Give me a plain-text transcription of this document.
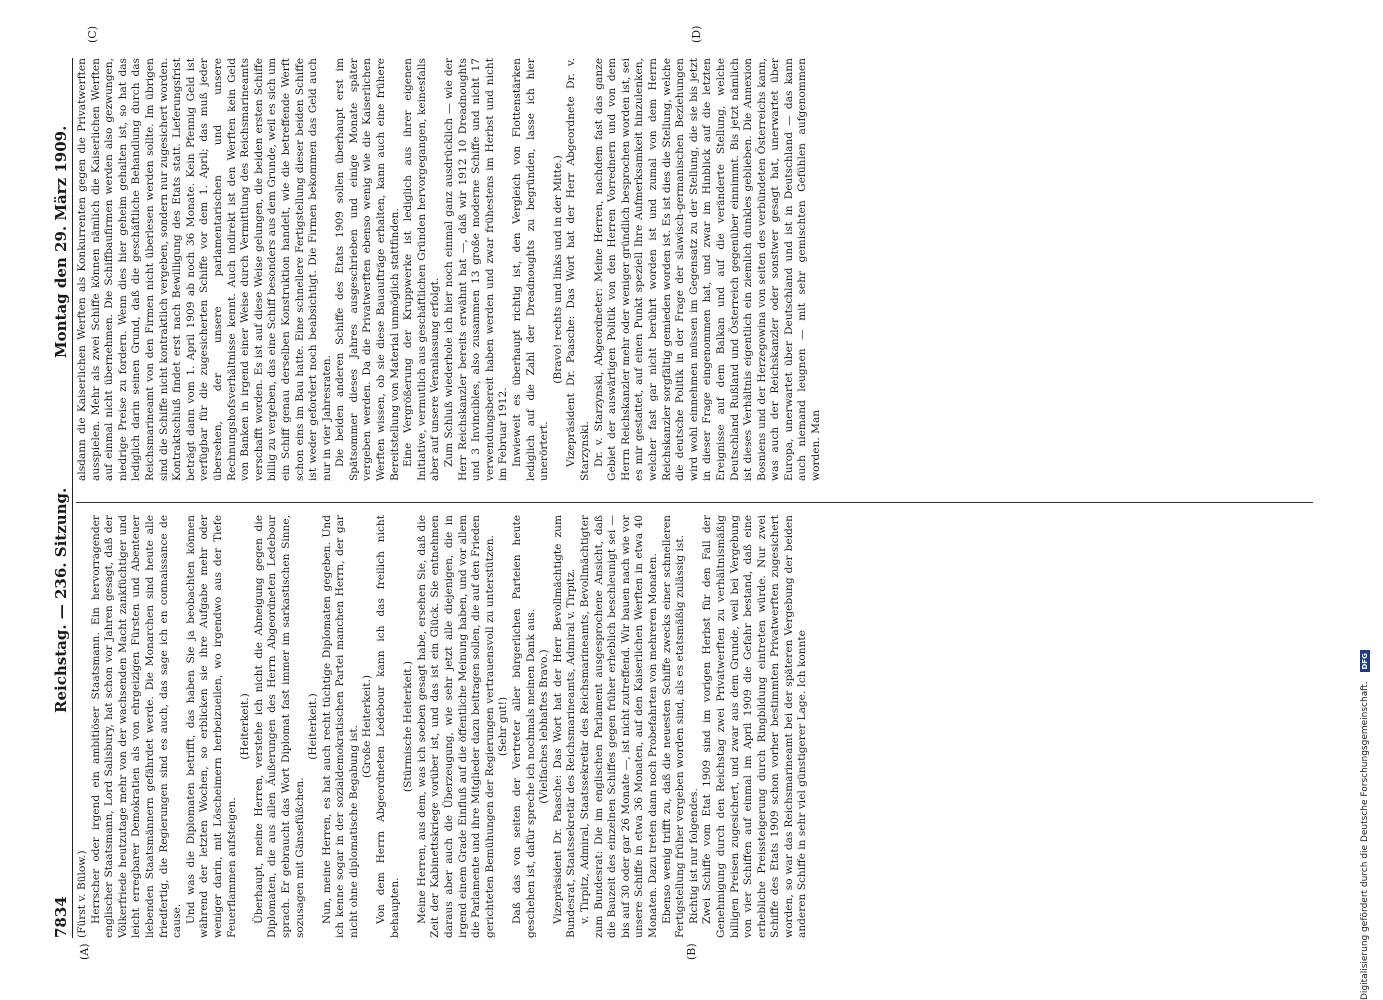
7834
Reichstag. — 236. Sitzung.
Montag den 29. März 1909.
(A)	(B)
(C)	(D)

(Fürst v. Bülow.) Herrscher oder irgend ein ambitiöser Staatsmann. Ein hervorragender englischer Staatsmann, Lord Salisbury, hat schon vor Jahren gesagt, daß der Völkerfriede heutzutage mehr von der wachsenden Macht zankfüchtiger und leicht erregbarer Demokratien als von ehrgeizigen Fürsten und Abenteuer liebenden Staatsmännern gefährdet werde. Die Monarchen sind heute alle friedfertig, die Regierungen sind es auch, das sage ich en connaissance de cause. Und was die Diplomaten betrifft, das haben Sie ja beobachten können während der letzten Wochen, so erblicken sie ihre Aufgabe mehr oder weniger darin, mit Löscheimern herbeizueilen, wo irgendwo aus der Tiefe Feuerflammen aufsteigen.

(Heiterkeit.) Überhaupt, meine Herren, verstehe ich nicht die Abneigung gegen die Diplomaten, die aus allen Äußerungen des Herrn Abgeordneten Ledebour sprach. Er gebraucht das Wort Diplomat fast immer im sarkastischen Sinne, sozusagen mit Gänsefüßchen.

(Heiterkeit.) Nun, meine Herren, es hat auch recht tüchtige Diplomaten gegeben. Und ich kenne sogar in der sozialdemokratischen Partei manchen Herrn, der gar nicht ohne diplomatische Begabung ist. (Große Heiterkeit.) Von dem Herrn Abgeordneten Ledebour kann ich das freilich nicht behaupten.

(Stürmische Heiterkeit.) Meine Herren, aus dem, was ich soeben gesagt habe, ersehen Sie, daß die Zeit der Kabinettskriege vorüber ist, und das ist ein Glück. Sie entnehmen daraus aber auch die Überzeugung, wie sehr jetzt alle diejenigen, die in irgend einem Grade Einfluß auf die öffentliche Meinung haben, und vor allem die Parlamente und ihre Mitglieder dazu beitragen sollen, die auf den Frieden gerichteten Bemühungen der Regierungen vertrauensvoll zu unterstützen. (Sehr gut!) Daß das von seiten der Vertreter aller bürgerlichen Parteien heute geschehen ist, dafür spreche ich nochmals meinen Dank aus. (Vielfaches lebhaftes Bravo.) Vizepräsident Dr. Paasche: Das Wort hat der Herr Bevollmächtigte zum Bundesrat, Staatssekretär des Reichsmarineamts, Admiral v. Tirpitz. v. Tirpitz, Admiral, Staatssekretär des Reichsmarineamts, Bevollmächtigter zum Bundesrat: Die im englischen Parlament ausgesprochene Ansicht, daß die Bauzeit des einzelnen Schiffes gegen früher erheblich beschleunigt sei — bis auf 30 oder gar 26 Monate —, ist nicht zutreffend. Wir bauen nach wie vor unsere Schiffe in etwa 36 Monaten, auf den Kaiserlichen Werften in etwa 40 Monaten. Dazu treten dann noch Probefahrten von mehreren Monaten. Ebenso wenig trifft zu, daß die neuesten Schiffe zwecks einer schnelleren Fertigstellung früher vergeben worden sind, als es etatsmäßig zulässig ist. Richtig ist nur folgendes. Zwei Schiffe vom Etat 1909 sind im vorigen Herbst für den Fall der Genehmigung durch den Reichstag zwei Privatwerften zu verhältnismäßig billigen Preisen zugesichert, und zwar aus dem Grunde, weil bei Vergebung von vier Schiffen auf einmal im April 1909 die Gefahr bestand, daß eine erhebliche Preissteigerung durch Ringbildung eintreten würde. Nur zwei Schiffe des Etats 1909 schon vorher bestimmten Privatwerften zugesichert worden, so war das Reichsmarineamt bei der späteren Vergebung der beiden anderen Schiffe in sehr viel günstigerer Lage. Ich konnte

alsdann die Kaiserlichen Werften als Konkurrenten gegen die Privatwerften ausspielen. Mehr als zwei Schiffe können nämlich die Kaiserlichen Werften auf einmal nicht übernehmen. Die Schiffbaufirmen werden also gezwungen, niedrige Preise zu fordern. Wenn dies hier geheim gehalten ist, so hat das lediglich darin seinen Grund, daß die geschäftliche Behandlung durch das Reichsmarineamt von den Firmen nicht überlesen werden sollte. Im übrigen sind die Schiffe nicht kontraktlich vergeben, sondern nur zugesichert worden. Kontraktschluß findet erst nach Bewilligung des Etats statt. Lieferungsfrist beträgt dann vom 1. April 1909 ab noch 36 Monate. Kein Pfennig Geld ist verfügbar für die zugesicherten Schiffe vor dem 1. April; das muß jeder übersehen, der unsere parlamentarischen und unsere Rechnungshofsverhältnisse kennt. Auch indirekt ist den Werften kein Geld von Banken in irgend einer Weise durch Vermittlung des Reichsmarineamts verschafft worden. Es ist auf diese Weise gelungen, die beiden ersten Schiffe billig zu vergeben, das eine Schiff besonders aus dem Grunde, weil es sich um ein Schiff genau derselben Konstruktion handelt, wie die betreffende Werft schon eins im Bau hatte. Eine schnellere Fertigstellung dieser beiden Schiffe ist weder gefordert noch beabsichtigt. Die Firmen bekommen das Geld auch nur in vier Jahresraten. Die beiden anderen Schiffe des Etats 1909 sollen überhaupt erst im Spätsommer dieses Jahres ausgeschrieben und einige Monate später vergeben werden. Da die Privatwerften ebenso wenig wie die Kaiserlichen Werften wissen, ob sie diese Bauaufträge erhalten, kann auch eine frühere Bereitstellung von Material unmöglich stattfinden. Eine Vergrößerung der Kruppwerke ist lediglich aus ihrer eigenen Initiative, vermutlich aus geschäftlichen Gründen hervorgegangen, keinesfalls aber auf unsere Veranlassung erfolgt. Zum Schluß wiederhole ich hier noch einmal ganz ausdrücklich — wie der Herr Reichskanzler bereits erwähnt hat —, daß wir 1912 10 Dreadnoughts und 3 Invincibles, also zusammen 13 große moderne Schiffe und nicht 17 verwendungsbereit haben werden und zwar frühestens im Herbst und nicht im Februar 1912. Inwieweit es überhaupt richtig ist, den Vergleich von Flottenstärken lediglich auf die Zahl der Dreadnoughts zu begründen, lasse ich hier unerörtert.

(Bravo! rechts und links und in der Mitte.) Vizepräsident Dr. Paasche: Das Wort hat der Herr Abgeordnete Dr. v. Starzynski. Dr. v. Starzynski, Abgeordneter: Meine Herren, nachdem fast das ganze Gebiet der auswärtigen Politik von den Herren Vorrednern und von dem Herrn Reichskanzler mehr oder weniger gründlich besprochen worden ist, sei es mir gestattet, auf einen Punkt speziell Ihre Aufmerksamkeit hinzulenken, welcher fast gar nicht berührt worden ist und zumal von dem Herrn Reichskanzler sorgfältig gemieden worden ist. Es ist dies die Stellung, welche die deutsche Politik in der Frage der slawisch-germanischen Beziehungen wird wohl einnehmen müssen im Gegensatz zu der Stellung, die sie bis jetzt in dieser Frage eingenommen hat, und zwar im Hinblick auf die letzten Ereignisse auf dem Balkan und auf die veränderte Stellung, welche Deutschland Rußland und Österreich gegenüber einnimmt. Bis jetzt nämlich ist dieses Verhältnis eigentlich ein ziemlich dunkles geblieben. Die Annexion Bosniens und der Herzegowina von seiten des verbündeten Österreichs kann, was auch der Reichskanzler oder sonstwer gesagt hat, unerwartet über Europa, unerwartet über Deutschland und ist in Deutschland — das kann auch niemand leugnen — mit sehr gemischten Gefühlen aufgenommen worden. Man

Digitalisierung gefördert durch die Deutsche Forschungsgemeinschaft. DFG
